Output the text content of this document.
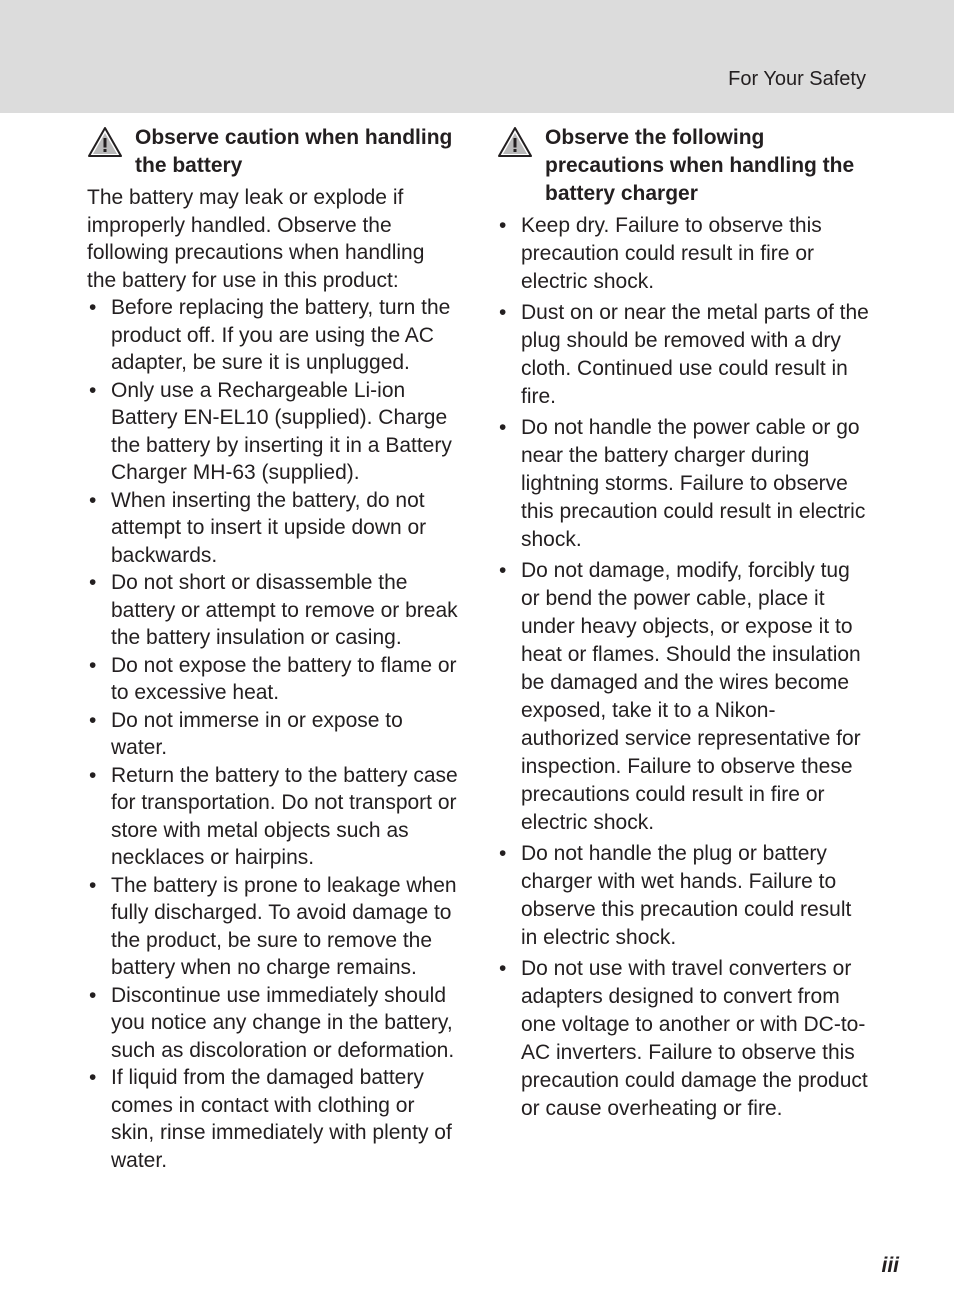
For Your Safety
Observe caution when handling the battery

The battery may leak or explode if improperly handled. Observe the following precautions when handling the battery for use in this product:

• Before replacing the battery, turn the product off. If you are using the AC adapter, be sure it is unplugged.
• Only use a Rechargeable Li-ion Battery EN-EL10 (supplied). Charge the battery by inserting it in a Battery Charger MH-63 (supplied).
• When inserting the battery, do not attempt to insert it upside down or backwards.
• Do not short or disassemble the battery or attempt to remove or break the battery insulation or casing.
• Do not expose the battery to flame or to excessive heat.
• Do not immerse in or expose to water.
• Return the battery to the battery case for transportation. Do not transport or store with metal objects such as necklaces or hairpins.
• The battery is prone to leakage when fully discharged. To avoid damage to the product, be sure to remove the battery when no charge remains.
• Discontinue use immediately should you notice any change in the battery, such as discoloration or deformation.
• If liquid from the damaged battery comes in contact with clothing or skin, rinse immediately with plenty of water.
Observe the following precautions when handling the battery charger
• Keep dry. Failure to observe this precaution could result in fire or electric shock.
• Dust on or near the metal parts of the plug should be removed with a dry cloth. Continued use could result in fire.
• Do not handle the power cable or go near the battery charger during lightning storms. Failure to observe this precaution could result in electric shock.
• Do not damage, modify, forcibly tug or bend the power cable, place it under heavy objects, or expose it to heat or flames. Should the insulation be damaged and the wires become exposed, take it to a Nikon-authorized service representative for inspection. Failure to observe these precautions could result in fire or electric shock.
• Do not handle the plug or battery charger with wet hands. Failure to observe this precaution could result in electric shock.
• Do not use with travel converters or adapters designed to convert from one voltage to another or with DC-to-AC inverters. Failure to observe this precaution could damage the product or cause overheating or fire.
iii
